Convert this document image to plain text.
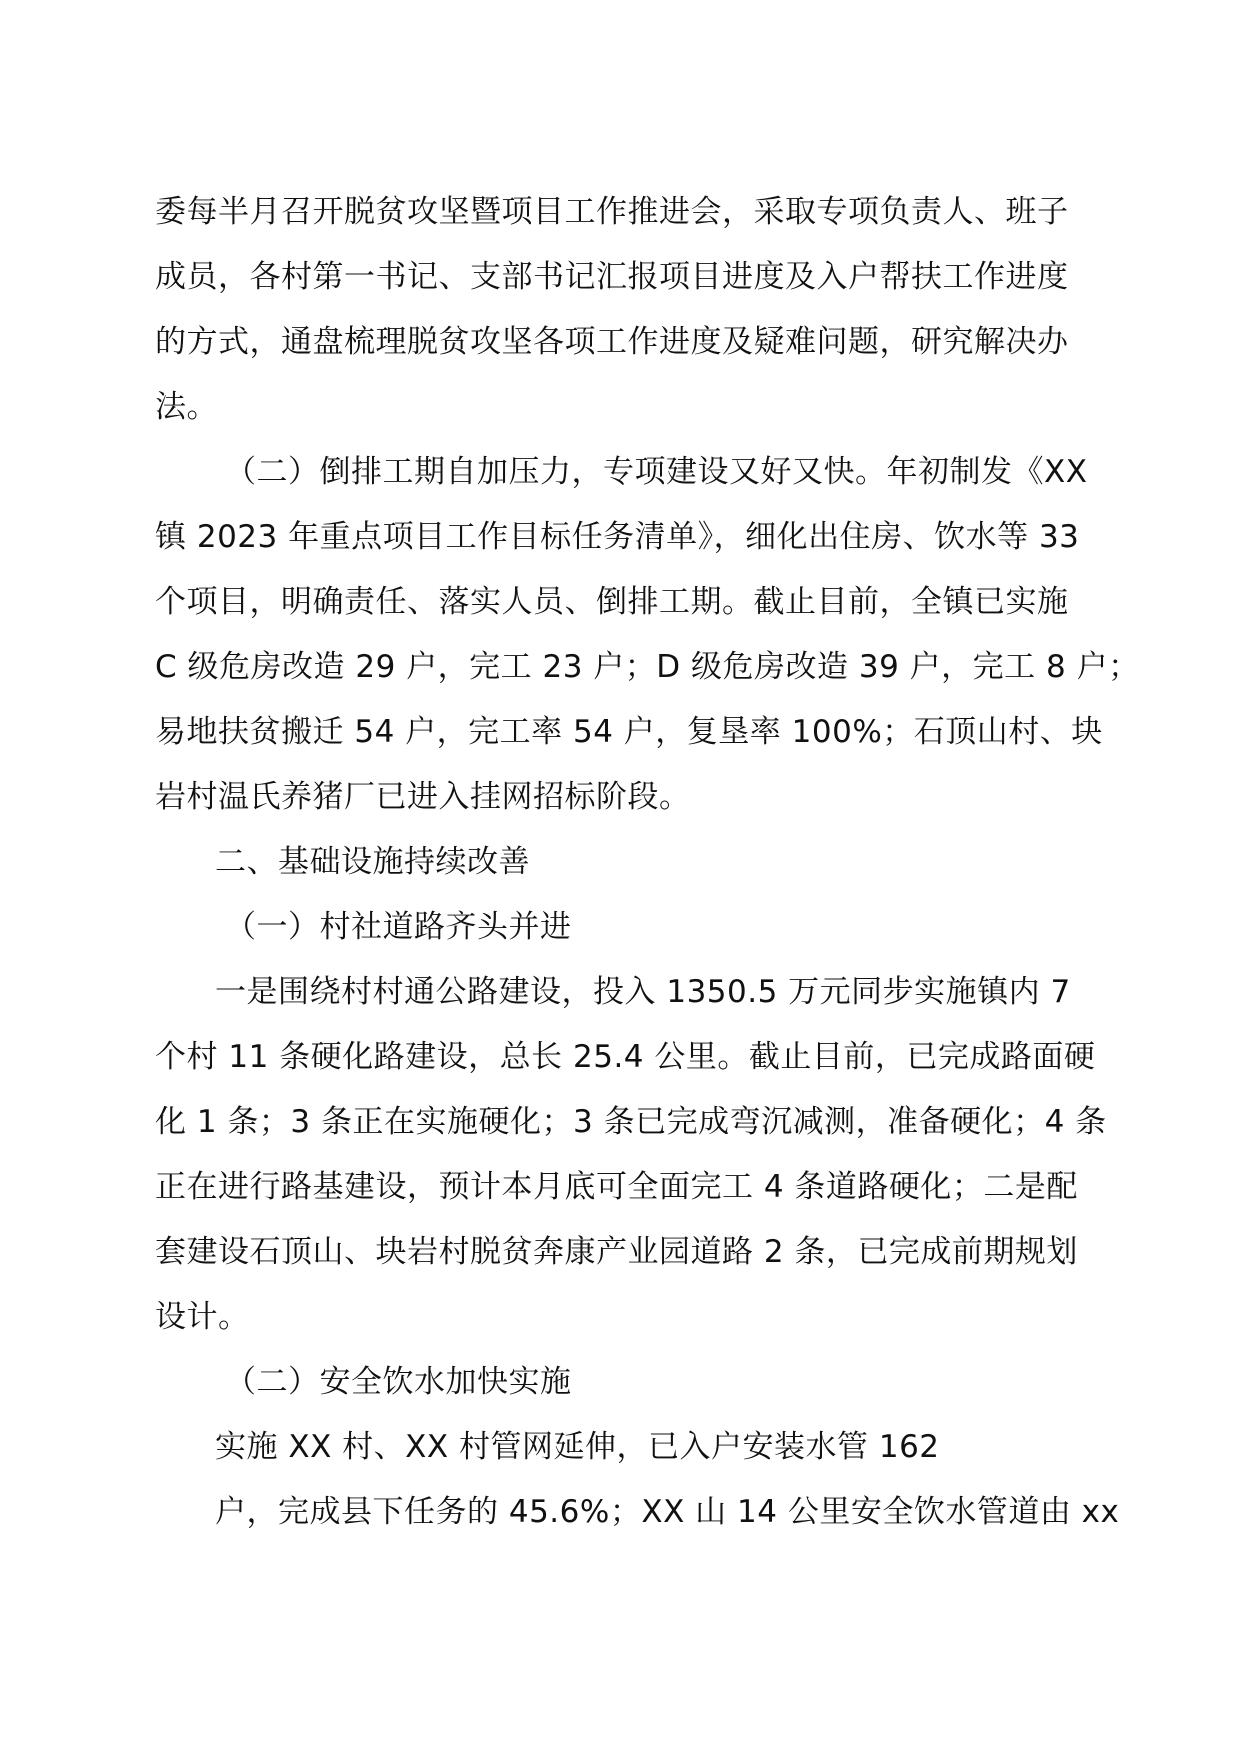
委每半月召开脱贫攻坚暨项目工作推进会，采取专项负责人、班子
成员，各村第一书记、支部书记汇报项目进度及入户帮扶工作进度
的方式，通盘梳理脱贫攻坚各项工作进度及疑难问题，研究解决办
法。
（二）倒排工期自加压力，专项建设又好又快。年初制发《XX
镇 2023 年重点项目工作目标任务清单》，细化出住房、饮水等 33
个项目，明确责任、落实人员、倒排工期。截止目前，全镇已实施
C 级危房改造 29 户，完工 23 户；D 级危房改造 39 户，完工 8 户；
易地扶贫搬迁 54 户，完工率 54 户，复垦率 100%；石顶山村、块
岩村温氏养猪厂已进入挂网招标阶段。
二、基础设施持续改善
（一）村社道路齐头并进
一是围绕村村通公路建设，投入 1350.5 万元同步实施镇内 7
个村 11 条硬化路建设，总长 25.4 公里。截止目前，已完成路面硬
化 1 条；3 条正在实施硬化；3 条已完成弯沉减测，准备硬化；4 条
正在进行路基建设，预计本月底可全面完工 4 条道路硬化；二是配
套建设石顶山、块岩村脱贫奔康产业园道路 2 条，已完成前期规划
设计。
（二）安全饮水加快实施
实施 XX 村、XX 村管网延伸，已入户安装水管 162
户，完成县下任务的 45.6%；XX 山 14 公里安全饮水管道由 xx
